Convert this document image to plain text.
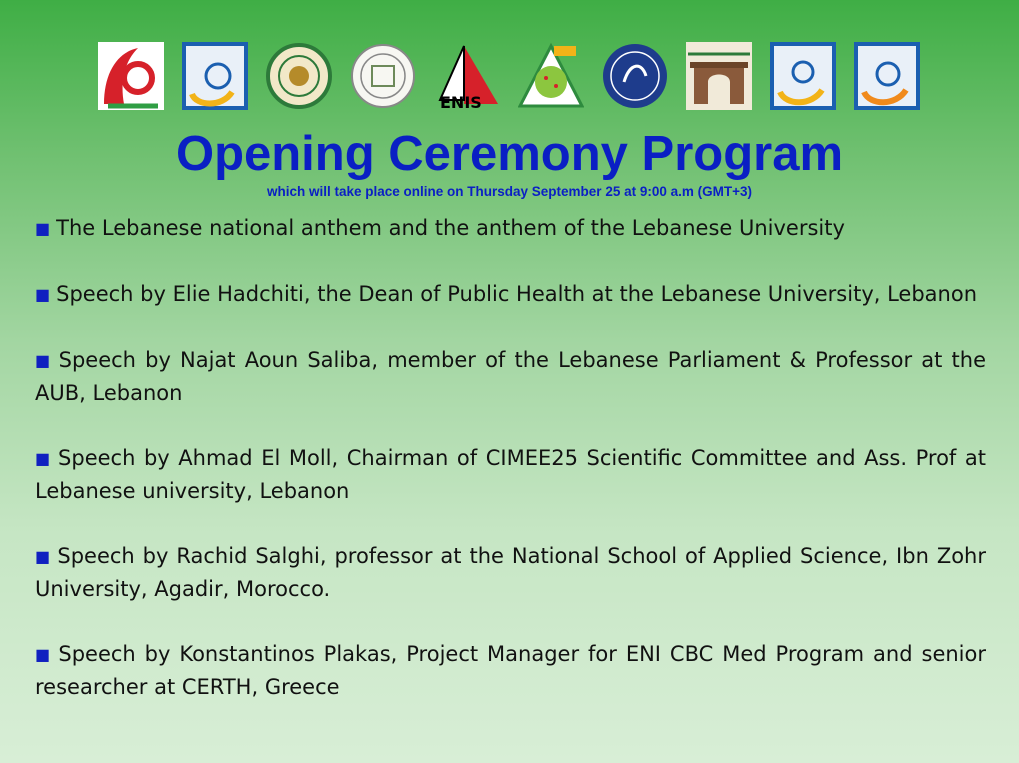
ENIS
Opening Ceremony Program
which will take place online on Thursday September 25 at 9:00 a.m (GMT+3)

■ The Lebanese national anthem and the anthem of the Lebanese University

■ Speech by Elie Hadchiti, the Dean of Public Health at the Lebanese University, Lebanon

■ Speech by Najat Aoun Saliba, member of the Lebanese Parliament & Professor at the AUB, Lebanon

■ Speech by Ahmad El Moll, Chairman of CIMEE25 Scientific Committee and Ass. Prof at Lebanese university, Lebanon

■ Speech by Rachid Salghi, professor at the National School of Applied Science, Ibn Zohr University, Agadir, Morocco.

■ Speech by Konstantinos Plakas, Project Manager for ENI CBC Med Program and senior researcher at CERTH, Greece
